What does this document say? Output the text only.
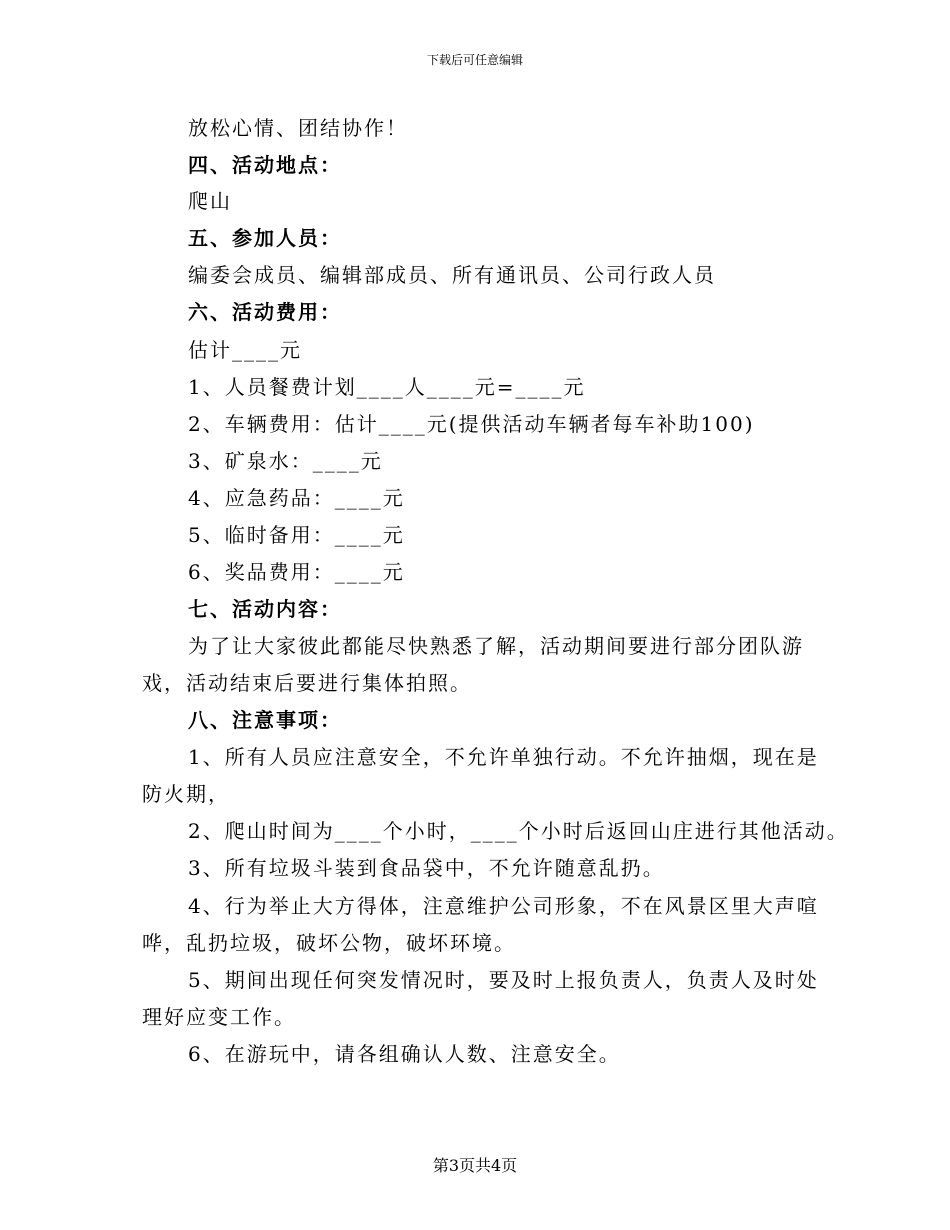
下载后可任意编辑
放松心情、团结协作！
四、活动地点：
爬山
五、参加人员：
编委会成员、编辑部成员、所有通讯员、公司行政人员
六、活动费用：
估计____元
1、人员餐费计划____人____元=____元
2、车辆费用：估计____元(提供活动车辆者每车补助100)
3、矿泉水：____元
4、应急药品：____元
5、临时备用：____元
6、奖品费用：____元
七、活动内容：
为了让大家彼此都能尽快熟悉了解，活动期间要进行部分团队游
戏，活动结束后要进行集体拍照。
八、注意事项：
1、所有人员应注意安全，不允许单独行动。不允许抽烟，现在是
防火期，
2、爬山时间为____个小时，____个小时后返回山庄进行其他活动。
3、所有垃圾斗装到食品袋中，不允许随意乱扔。
4、行为举止大方得体，注意维护公司形象，不在风景区里大声喧
哗，乱扔垃圾，破坏公物，破坏环境。
5、期间出现任何突发情况时，要及时上报负责人，负责人及时处
理好应变工作。
6、在游玩中，请各组确认人数、注意安全。
第3页共4页
